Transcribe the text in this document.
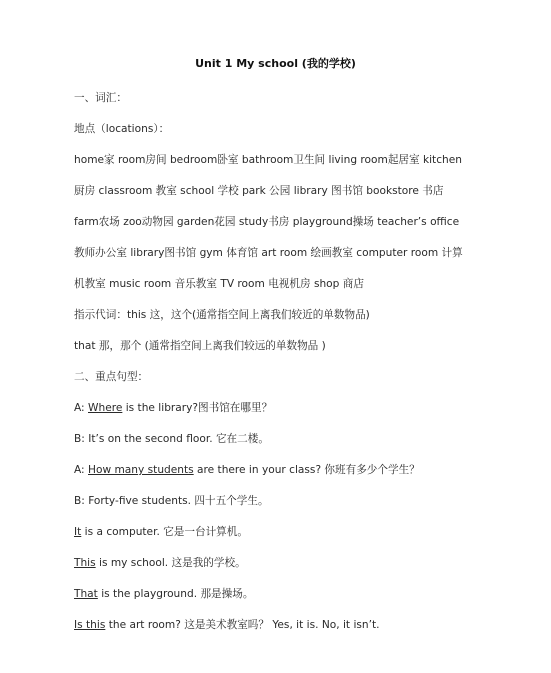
Unit 1 My school (我的学校)
一、词汇：
地点（locations）：
home家 room房间 bedroom卧室 bathroom卫生间 living room起居室 kitchen
厨房 classroom 教室 school 学校 park 公园 library 图书馆 bookstore 书店
farm农场 zoo动物园 garden花园 study书房 playground操场 teacher’s office
教师办公室 library图书馆 gym 体育馆 art room 绘画教室 computer room 计算
机教室 music room 音乐教室 TV room 电视机房 shop 商店
指示代词：this 这，这个(通常指空间上离我们较近的单数物品)
that 那，那个 (通常指空间上离我们较远的单数物品 )
二、重点句型：
A: Where is the library?图书馆在哪里？
B: It’s on the second floor. 它在二楼。
A: How many students are there in your class? 你班有多少个学生？
B: Forty-five students. 四十五个学生。
It is a computer. 它是一台计算机。
This is my school. 这是我的学校。
That is the playground. 那是操场。
Is this the art room? 这是美术教室吗？ Yes, it is. No, it isn’t.
